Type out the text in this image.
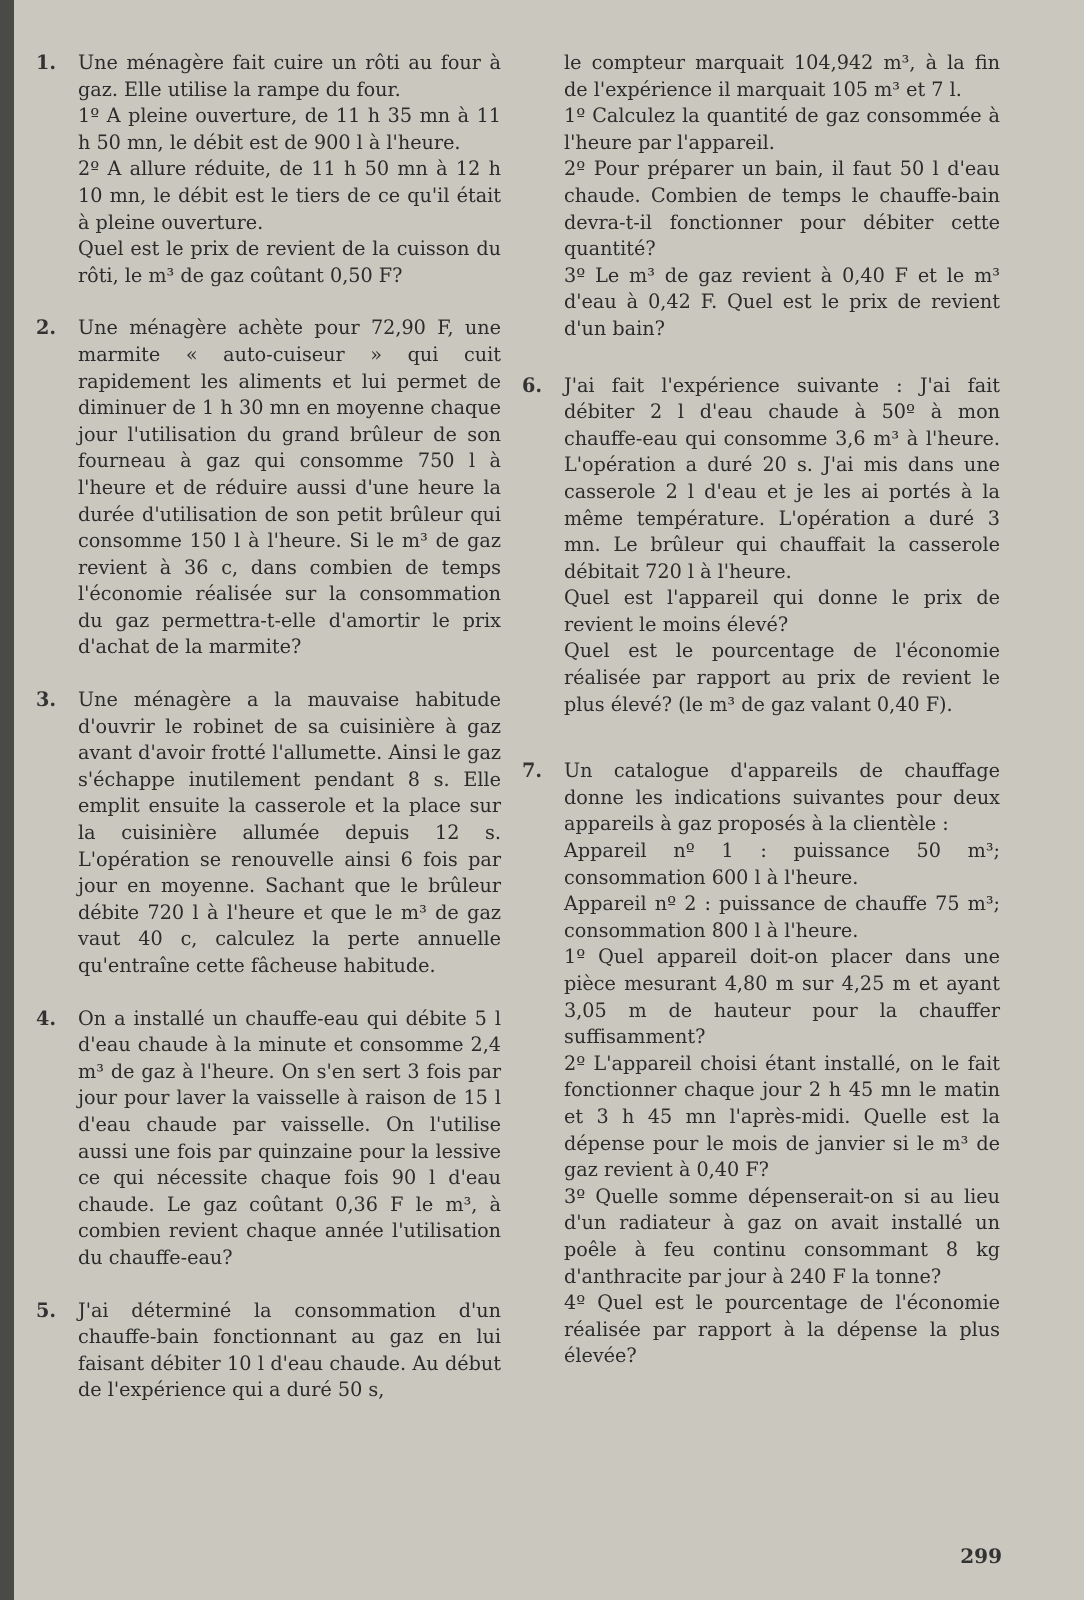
1.	Une ménagère fait cuire un rôti au four à gaz. Elle utilise la rampe du four.

1º A pleine ouverture, de 11 h 35 mn à 11 h 50 mn, le débit est de 900 l à l'heure.

2º A allure réduite, de 11 h 50 mn à 12 h 10 mn, le débit est le tiers de ce qu'il était à pleine ouverture.

Quel est le prix de revient de la cuisson du rôti, le m³ de gaz coûtant 0,50 F?

2.	Une ménagère achète pour 72,90 F, une marmite « auto-cuiseur » qui cuit rapidement les aliments et lui permet de diminuer de 1 h 30 mn en moyenne chaque jour l'utilisation du grand brûleur de son fourneau à gaz qui consomme 750 l à l'heure et de réduire aussi d'une heure la durée d'utilisation de son petit brûleur qui consomme 150 l à l'heure. Si le m³ de gaz revient à 36 c, dans combien de temps l'économie réalisée sur la consommation du gaz permettra-t-elle d'amortir le prix d'achat de la marmite?

3.	Une ménagère a la mauvaise habitude d'ouvrir le robinet de sa cuisinière à gaz avant d'avoir frotté l'allumette. Ainsi le gaz s'échappe inutilement pendant 8 s. Elle emplit ensuite la casserole et la place sur la cuisinière allumée depuis 12 s. L'opération se renouvelle ainsi 6 fois par jour en moyenne. Sachant que le brûleur débite 720 l à l'heure et que le m³ de gaz vaut 40 c, calculez la perte annuelle qu'entraîne cette fâcheuse habitude.

4.	On a installé un chauffe-eau qui débite 5 l d'eau chaude à la minute et consomme 2,4 m³ de gaz à l'heure. On s'en sert 3 fois par jour pour laver la vaisselle à raison de 15 l d'eau chaude par vaisselle. On l'utilise aussi une fois par quinzaine pour la lessive ce qui nécessite chaque fois 90 l d'eau chaude. Le gaz coûtant 0,36 F le m³, à combien revient chaque année l'utilisation du chauffe-eau?

5.	J'ai déterminé la consommation d'un chauffe-bain fonctionnant au gaz en lui faisant débiter 10 l d'eau chaude. Au début de l'expérience qui a duré 50 s,

le compteur marquait 104,942 m³, à la fin de l'expérience il marquait 105 m³ et 7 l.

1º Calculez la quantité de gaz consommée à l'heure par l'appareil.

2º Pour préparer un bain, il faut 50 l d'eau chaude. Combien de temps le chauffe-bain devra-t-il fonctionner pour débiter cette quantité?

3º Le m³ de gaz revient à 0,40 F et le m³ d'eau à 0,42 F. Quel est le prix de revient d'un bain?

6.	J'ai fait l'expérience suivante : J'ai fait débiter 2 l d'eau chaude à 50º à mon chauffe-eau qui consomme 3,6 m³ à l'heure. L'opération a duré 20 s. J'ai mis dans une casserole 2 l d'eau et je les ai portés à la même température. L'opération a duré 3 mn. Le brûleur qui chauffait la casserole débitait 720 l à l'heure.

Quel est l'appareil qui donne le prix de revient le moins élevé?

Quel est le pourcentage de l'économie réalisée par rapport au prix de revient le plus élevé? (le m³ de gaz valant 0,40 F).

7.	Un catalogue d'appareils de chauffage donne les indications suivantes pour deux appareils à gaz proposés à la clientèle :

Appareil nº 1 : puissance 50 m³; consommation 600 l à l'heure.

Appareil nº 2 : puissance de chauffe 75 m³; consommation 800 l à l'heure.

1º Quel appareil doit-on placer dans une pièce mesurant 4,80 m sur 4,25 m et ayant 3,05 m de hauteur pour la chauffer suffisamment?

2º L'appareil choisi étant installé, on le fait fonctionner chaque jour 2 h 45 mn le matin et 3 h 45 mn l'après-midi. Quelle est la dépense pour le mois de janvier si le m³ de gaz revient à 0,40 F?

3º Quelle somme dépenserait-on si au lieu d'un radiateur à gaz on avait installé un poêle à feu continu consommant 8 kg d'anthracite par jour à 240 F la tonne?

4º Quel est le pourcentage de l'économie réalisée par rapport à la dépense la plus élevée?

299
